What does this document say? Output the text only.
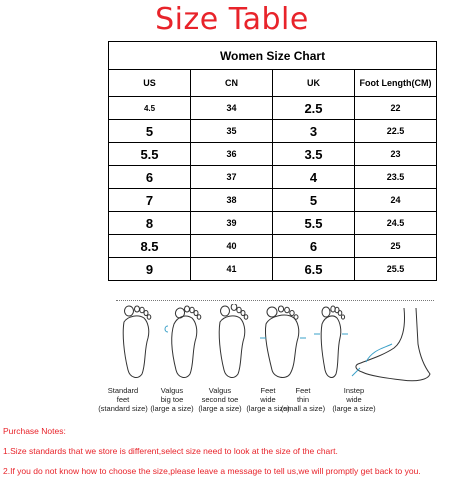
Size Table
Women Size Chart			
US	CN	UK	Foot Length(CM)
4.5	34	2.5	22
5	35	3	22.5
5.5	36	3.5	23
6	37	4	23.5
7	38	5	24
8	39	5.5	24.5
8.5	40	6	25
9	41	6.5	25.5
Standard
feet
(standard size)
Valgus
big toe
(large a size)
Valgus
second toe
(large a size)
Feet
wide
(large a size)
Feet
thin
(small a size)
Instep
wide
(large a size)
Purchase Notes:
1.Size standards that we store is different,select size need to look at the size of the chart.
2.If you do not know how to choose the size,please leave a message to tell us,we will promptly get back to you.
